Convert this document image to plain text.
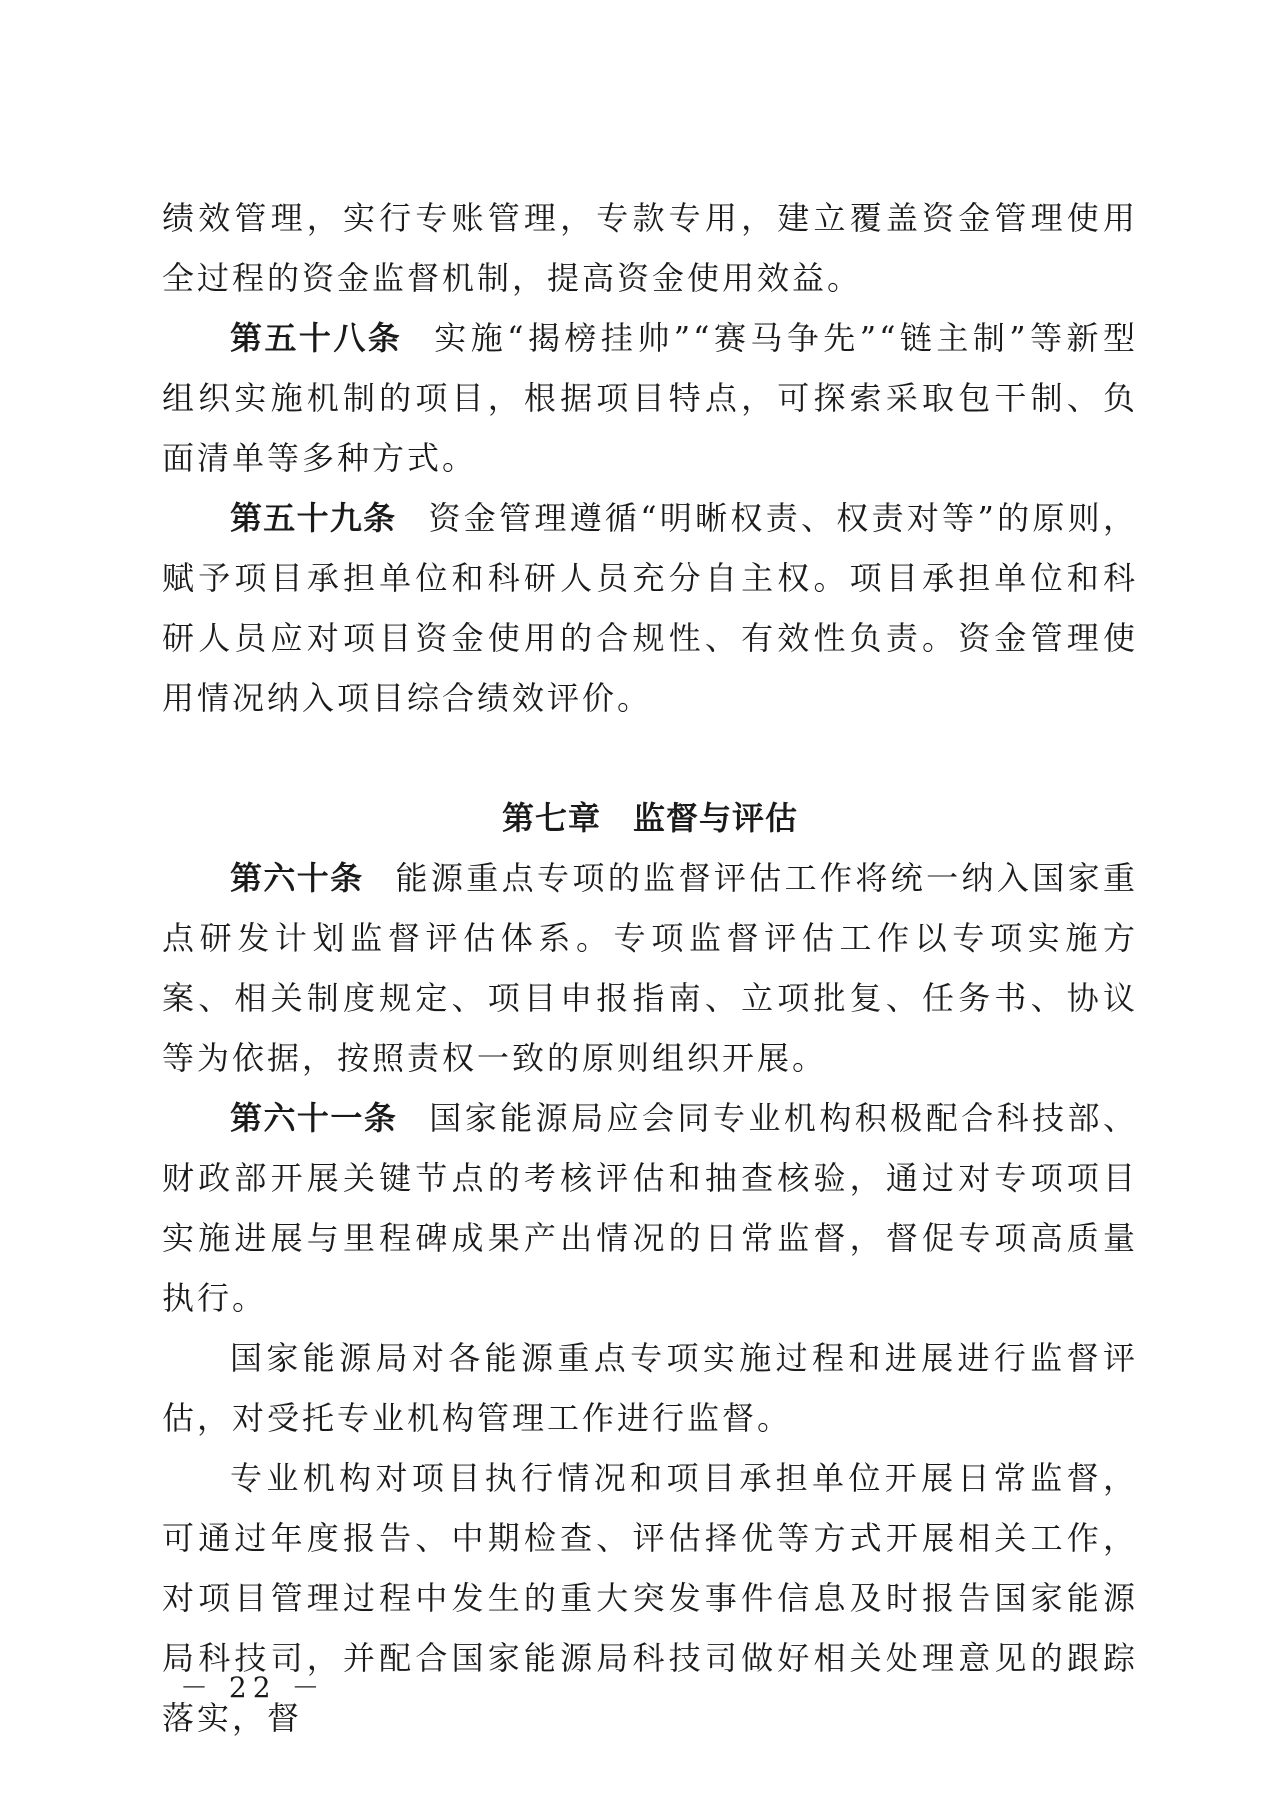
绩效管理，实行专账管理，专款专用，建立覆盖资金管理使用全过程的资金监督机制，提高资金使用效益。

第五十八条 实施“揭榜挂帅”“赛马争先”“链主制”等新型组织实施机制的项目，根据项目特点，可探索采取包干制、负面清单等多种方式。

第五十九条 资金管理遵循“明晰权责、权责对等”的原则，赋予项目承担单位和科研人员充分自主权。项目承担单位和科研人员应对项目资金使用的合规性、有效性负责。资金管理使用情况纳入项目综合绩效评价。

第七章 监督与评估

第六十条 能源重点专项的监督评估工作将统一纳入国家重点研发计划监督评估体系。专项监督评估工作以专项实施方案、相关制度规定、项目申报指南、立项批复、任务书、协议等为依据，按照责权一致的原则组织开展。

第六十一条 国家能源局应会同专业机构积极配合科技部、财政部开展关键节点的考核评估和抽查核验，通过对专项项目实施进展与里程碑成果产出情况的日常监督，督促专项高质量执行。

国家能源局对各能源重点专项实施过程和进展进行监督评估，对受托专业机构管理工作进行监督。

专业机构对项目执行情况和项目承担单位开展日常监督，可通过年度报告、中期检查、评估择优等方式开展相关工作，对项目管理过程中发生的重大突发事件信息及时报告国家能源局科技司，并配合国家能源局科技司做好相关处理意见的跟踪落实，督

－ 22 －
